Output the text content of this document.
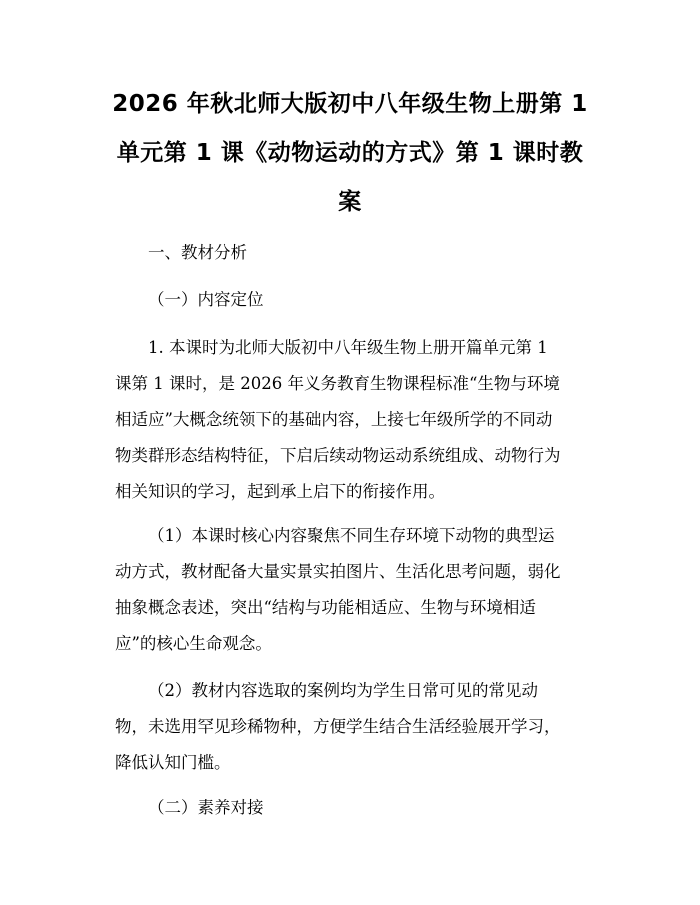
2026 年秋北师大版初中八年级生物上册第 1
单元第 1 课《动物运动的方式》第 1 课时教
案
一、教材分析
（一）内容定位
1. 本课时为北师大版初中八年级生物上册开篇单元第 1
课第 1 课时，是 2026 年义务教育生物课程标准“生物与环境
相适应”大概念统领下的基础内容，上接七年级所学的不同动
物类群形态结构特征，下启后续动物运动系统组成、动物行为
相关知识的学习，起到承上启下的衔接作用。
（1）本课时核心内容聚焦不同生存环境下动物的典型运
动方式，教材配备大量实景实拍图片、生活化思考问题，弱化
抽象概念表述，突出“结构与功能相适应、生物与环境相适
应”的核心生命观念。
（2）教材内容选取的案例均为学生日常可见的常见动
物，未选用罕见珍稀物种，方便学生结合生活经验展开学习，
降低认知门槛。
（二）素养对接
